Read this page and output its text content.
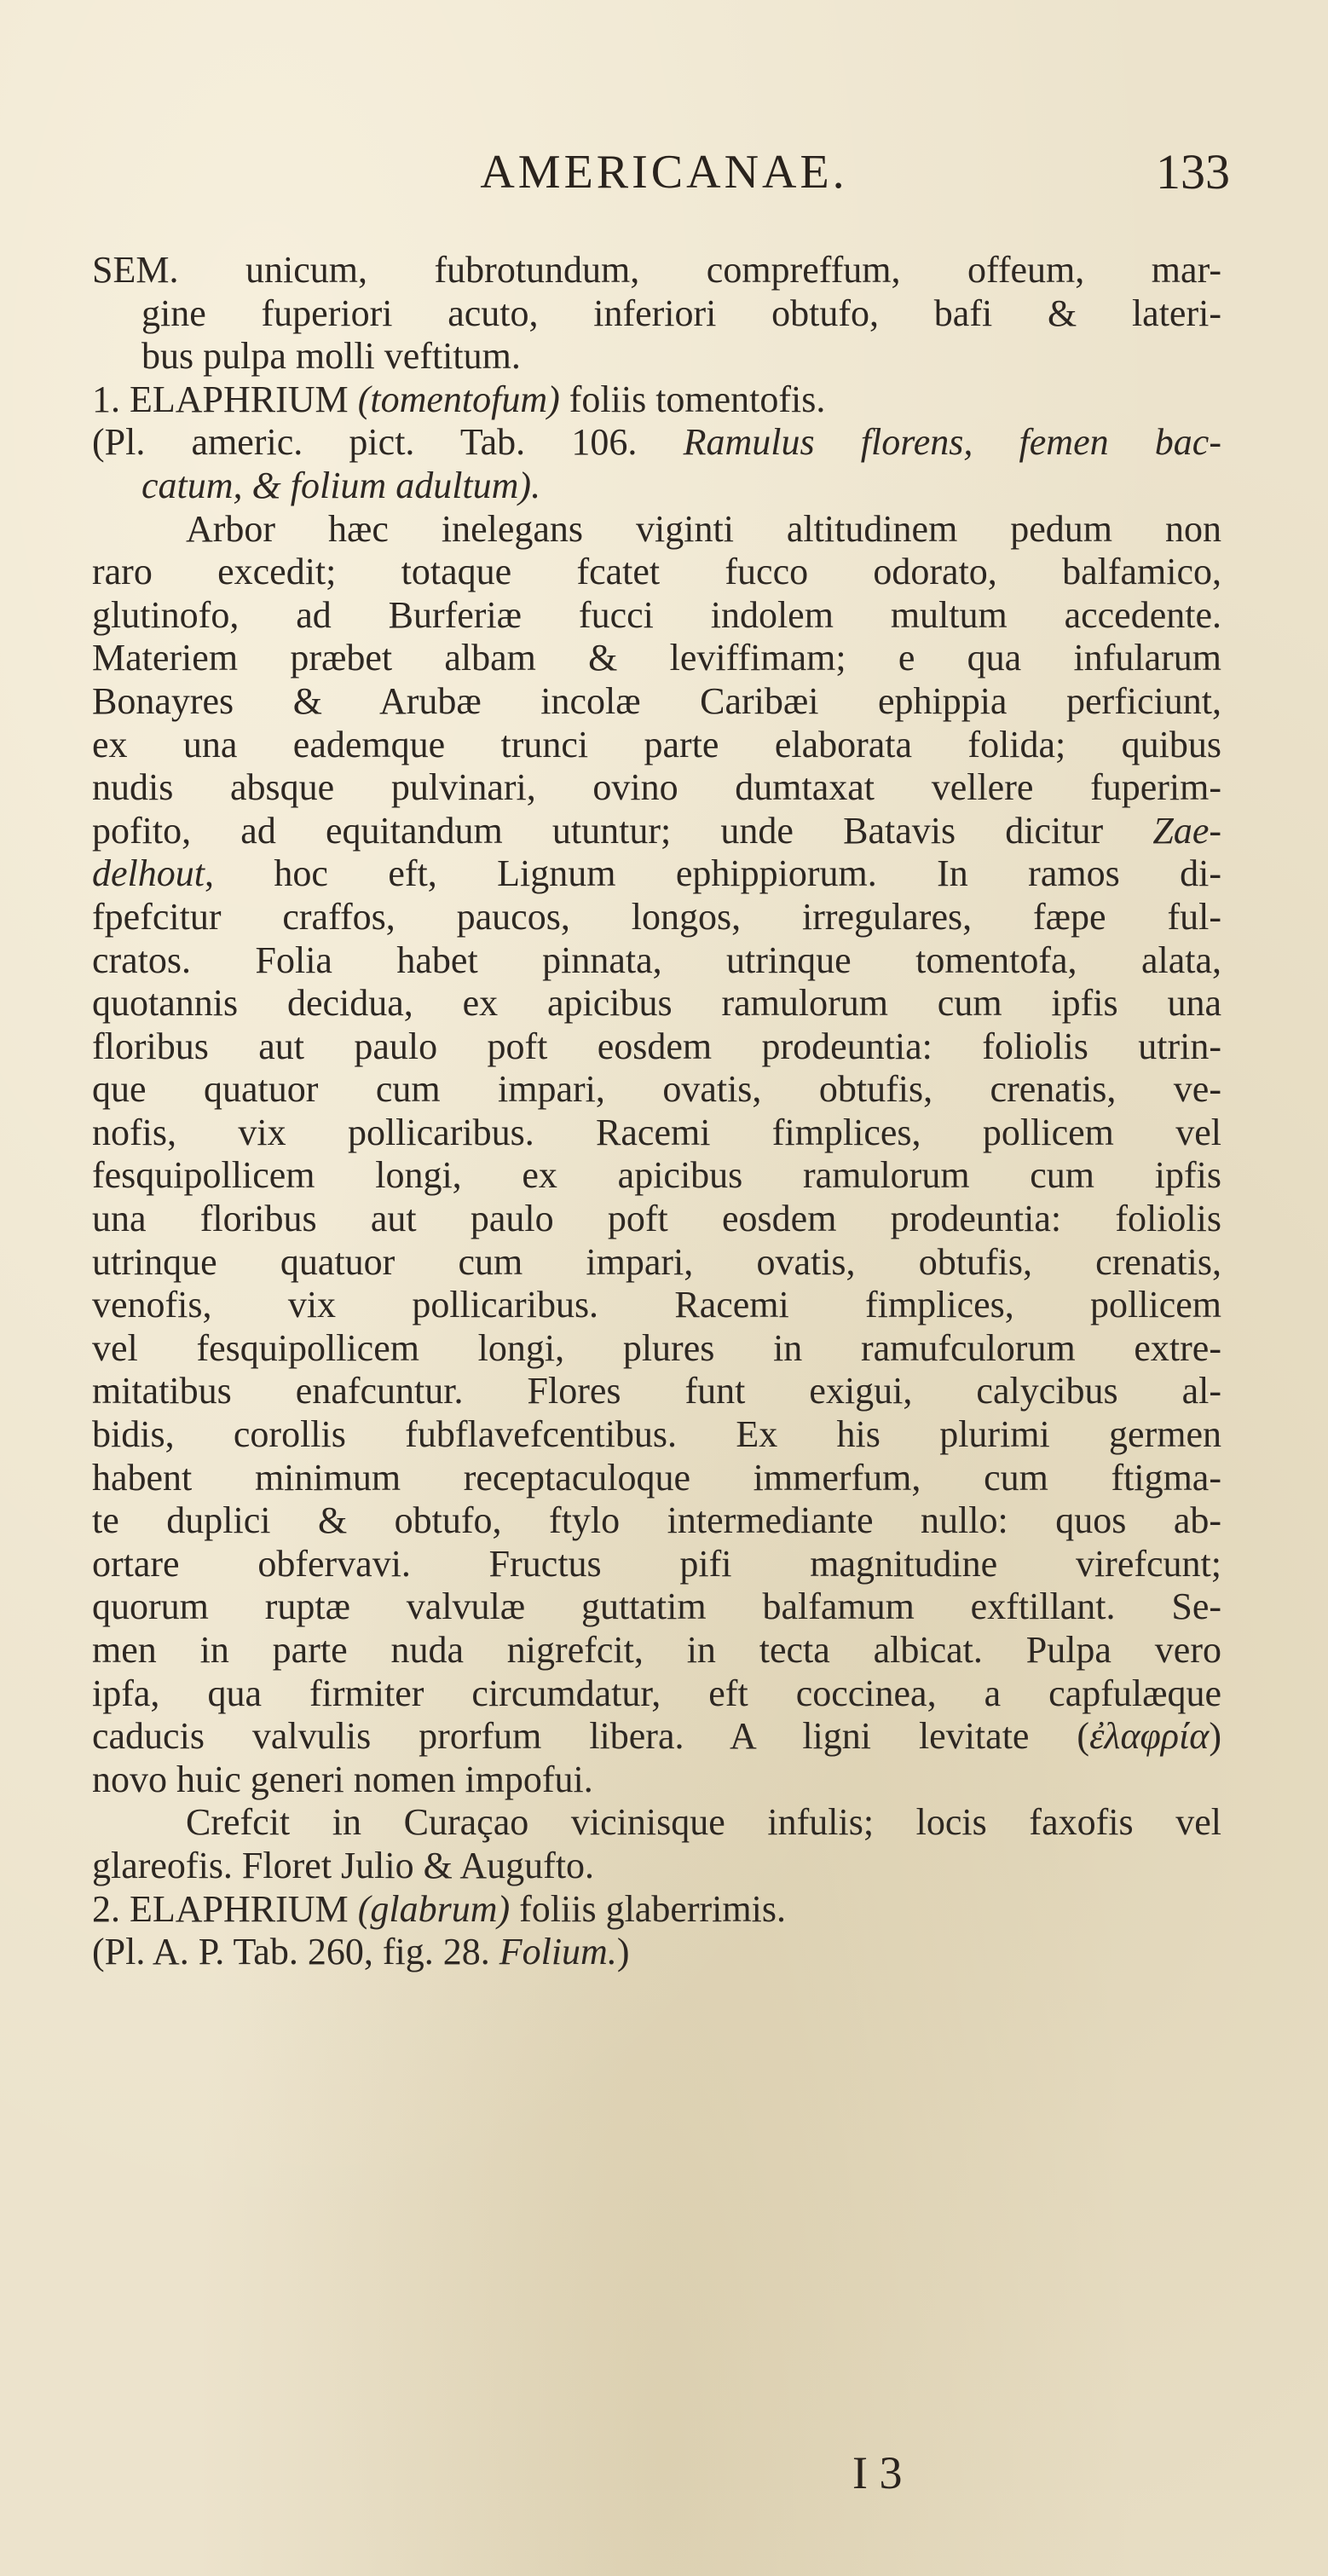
AMERICANAE.	133
SEM. unicum, fubrotundum, compreffum, offeum, mar-
gine fuperiori acuto, inferiori obtufo, bafi & lateri-
bus pulpa molli veftitum.
1. ELAPHRIUM (tomentofum) foliis tomentofis.
(Pl. americ. pict. Tab. 106. Ramulus florens, femen bac-
catum, & folium adultum).
Arbor hæc inelegans viginti altitudinem pedum non
raro excedit; totaque fcatet fucco odorato, balfamico,
glutinofo, ad Burferiæ fucci indolem multum accedente.
Materiem præbet albam & leviffimam; e qua infularum
Bonayres & Arubæ incolæ Caribæi ephippia perficiunt,
ex una eademque trunci parte elaborata folida; quibus
nudis absque pulvinari, ovino dumtaxat vellere fuperim-
pofito, ad equitandum utuntur; unde Batavis dicitur Zae-
delhout, hoc eft, Lignum ephippiorum. In ramos di-
fpefcitur craffos, paucos, longos, irregulares, fæpe ful-
cratos. Folia habet pinnata, utrinque tomentofa, alata,
quotannis decidua, ex apicibus ramulorum cum ipfis una
floribus aut paulo poft eosdem prodeuntia: foliolis utrin-
que quatuor cum impari, ovatis, obtufis, crenatis, ve-
nofis, vix pollicaribus. Racemi fimplices, pollicem vel
fesquipollicem longi, ex apicibus ramulorum cum ipfis
una floribus aut paulo poft eosdem prodeuntia: foliolis
utrinque quatuor cum impari, ovatis, obtufis, crenatis,
venofis, vix pollicaribus. Racemi fimplices, pollicem
vel fesquipollicem longi, plures in ramufculorum extre-
mitatibus enafcuntur. Flores funt exigui, calycibus al-
bidis, corollis fubflavefcentibus. Ex his plurimi germen
habent minimum receptaculoque immerfum, cum ftigma-
te duplici & obtufo, ftylo intermediante nullo: quos ab-
ortare obfervavi. Fructus pifi magnitudine virefcunt;
quorum ruptæ valvulæ guttatim balfamum exftillant. Se-
men in parte nuda nigrefcit, in tecta albicat. Pulpa vero
ipfa, qua firmiter circumdatur, eft coccinea, a capfulæque
caducis valvulis prorfum libera. A ligni levitate (ἐλαφρία)
novo huic generi nomen impofui.
Crefcit in Curaçao vicinisque infulis; locis faxofis vel
glareofis. Floret Julio & Augufto.
2. ELAPHRIUM (glabrum) foliis glaberrimis.
(Pl. A. P. Tab. 260, fig. 28. Folium.)
I 3
